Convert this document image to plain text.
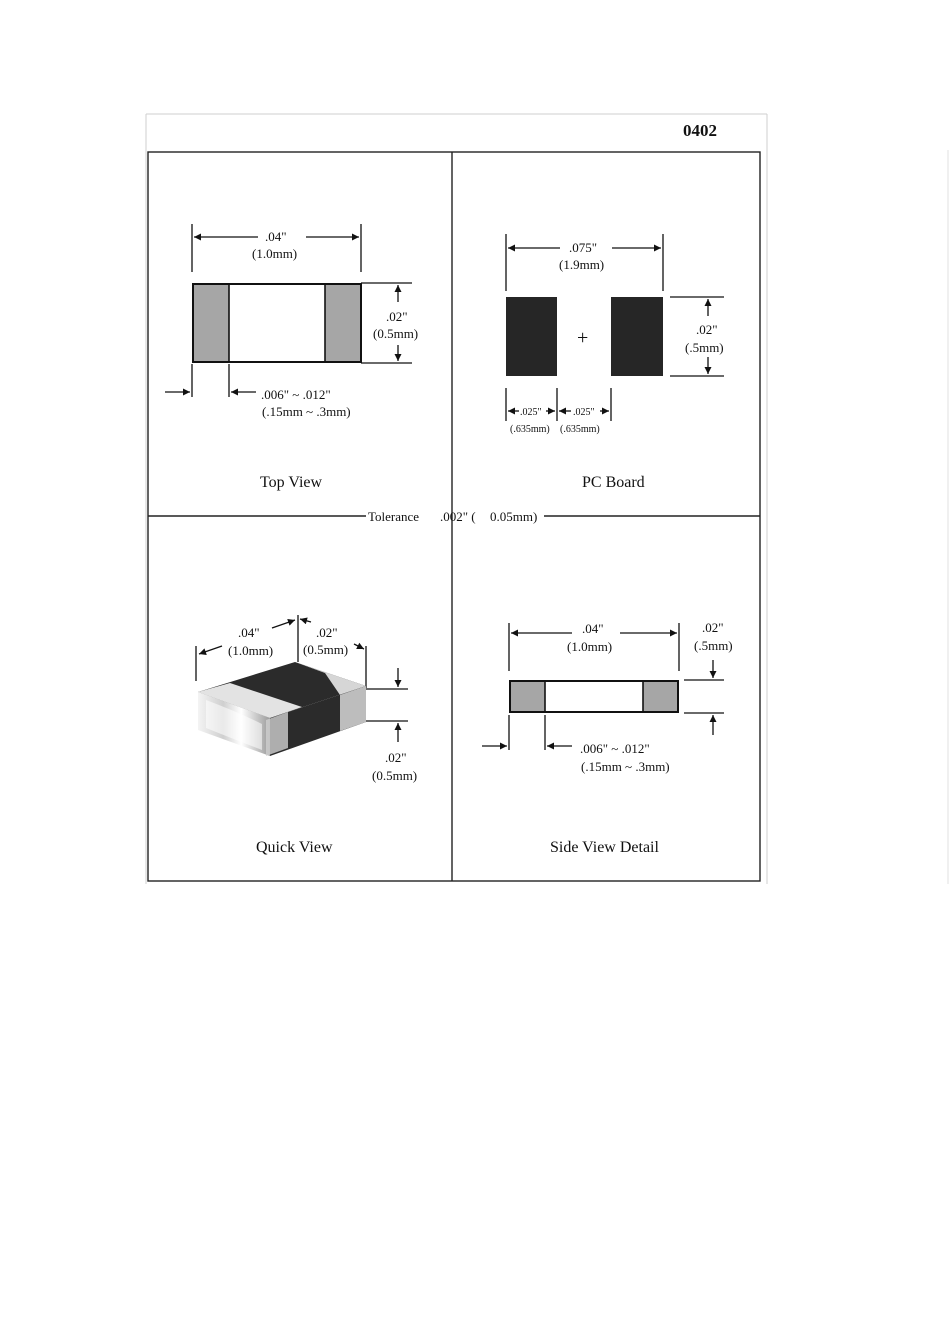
0402
Tolerance .002" ( 0.05mm)
.04"
(1.0mm)
.02"
(0.5mm)
.006" ~ .012"
(.15mm ~ .3mm)
Top View
.075"
(1.9mm)
+	.02"
(.5mm)
.025"
(.635mm)
.025"
(.635mm)
PC Board
.04"
(1.0mm)
.02"
(0.5mm)
.02"
(0.5mm)
Quick View
.04"
(1.0mm)
.02"
(.5mm)
.006" ~ .012"
(.15mm ~ .3mm)
Side View Detail
